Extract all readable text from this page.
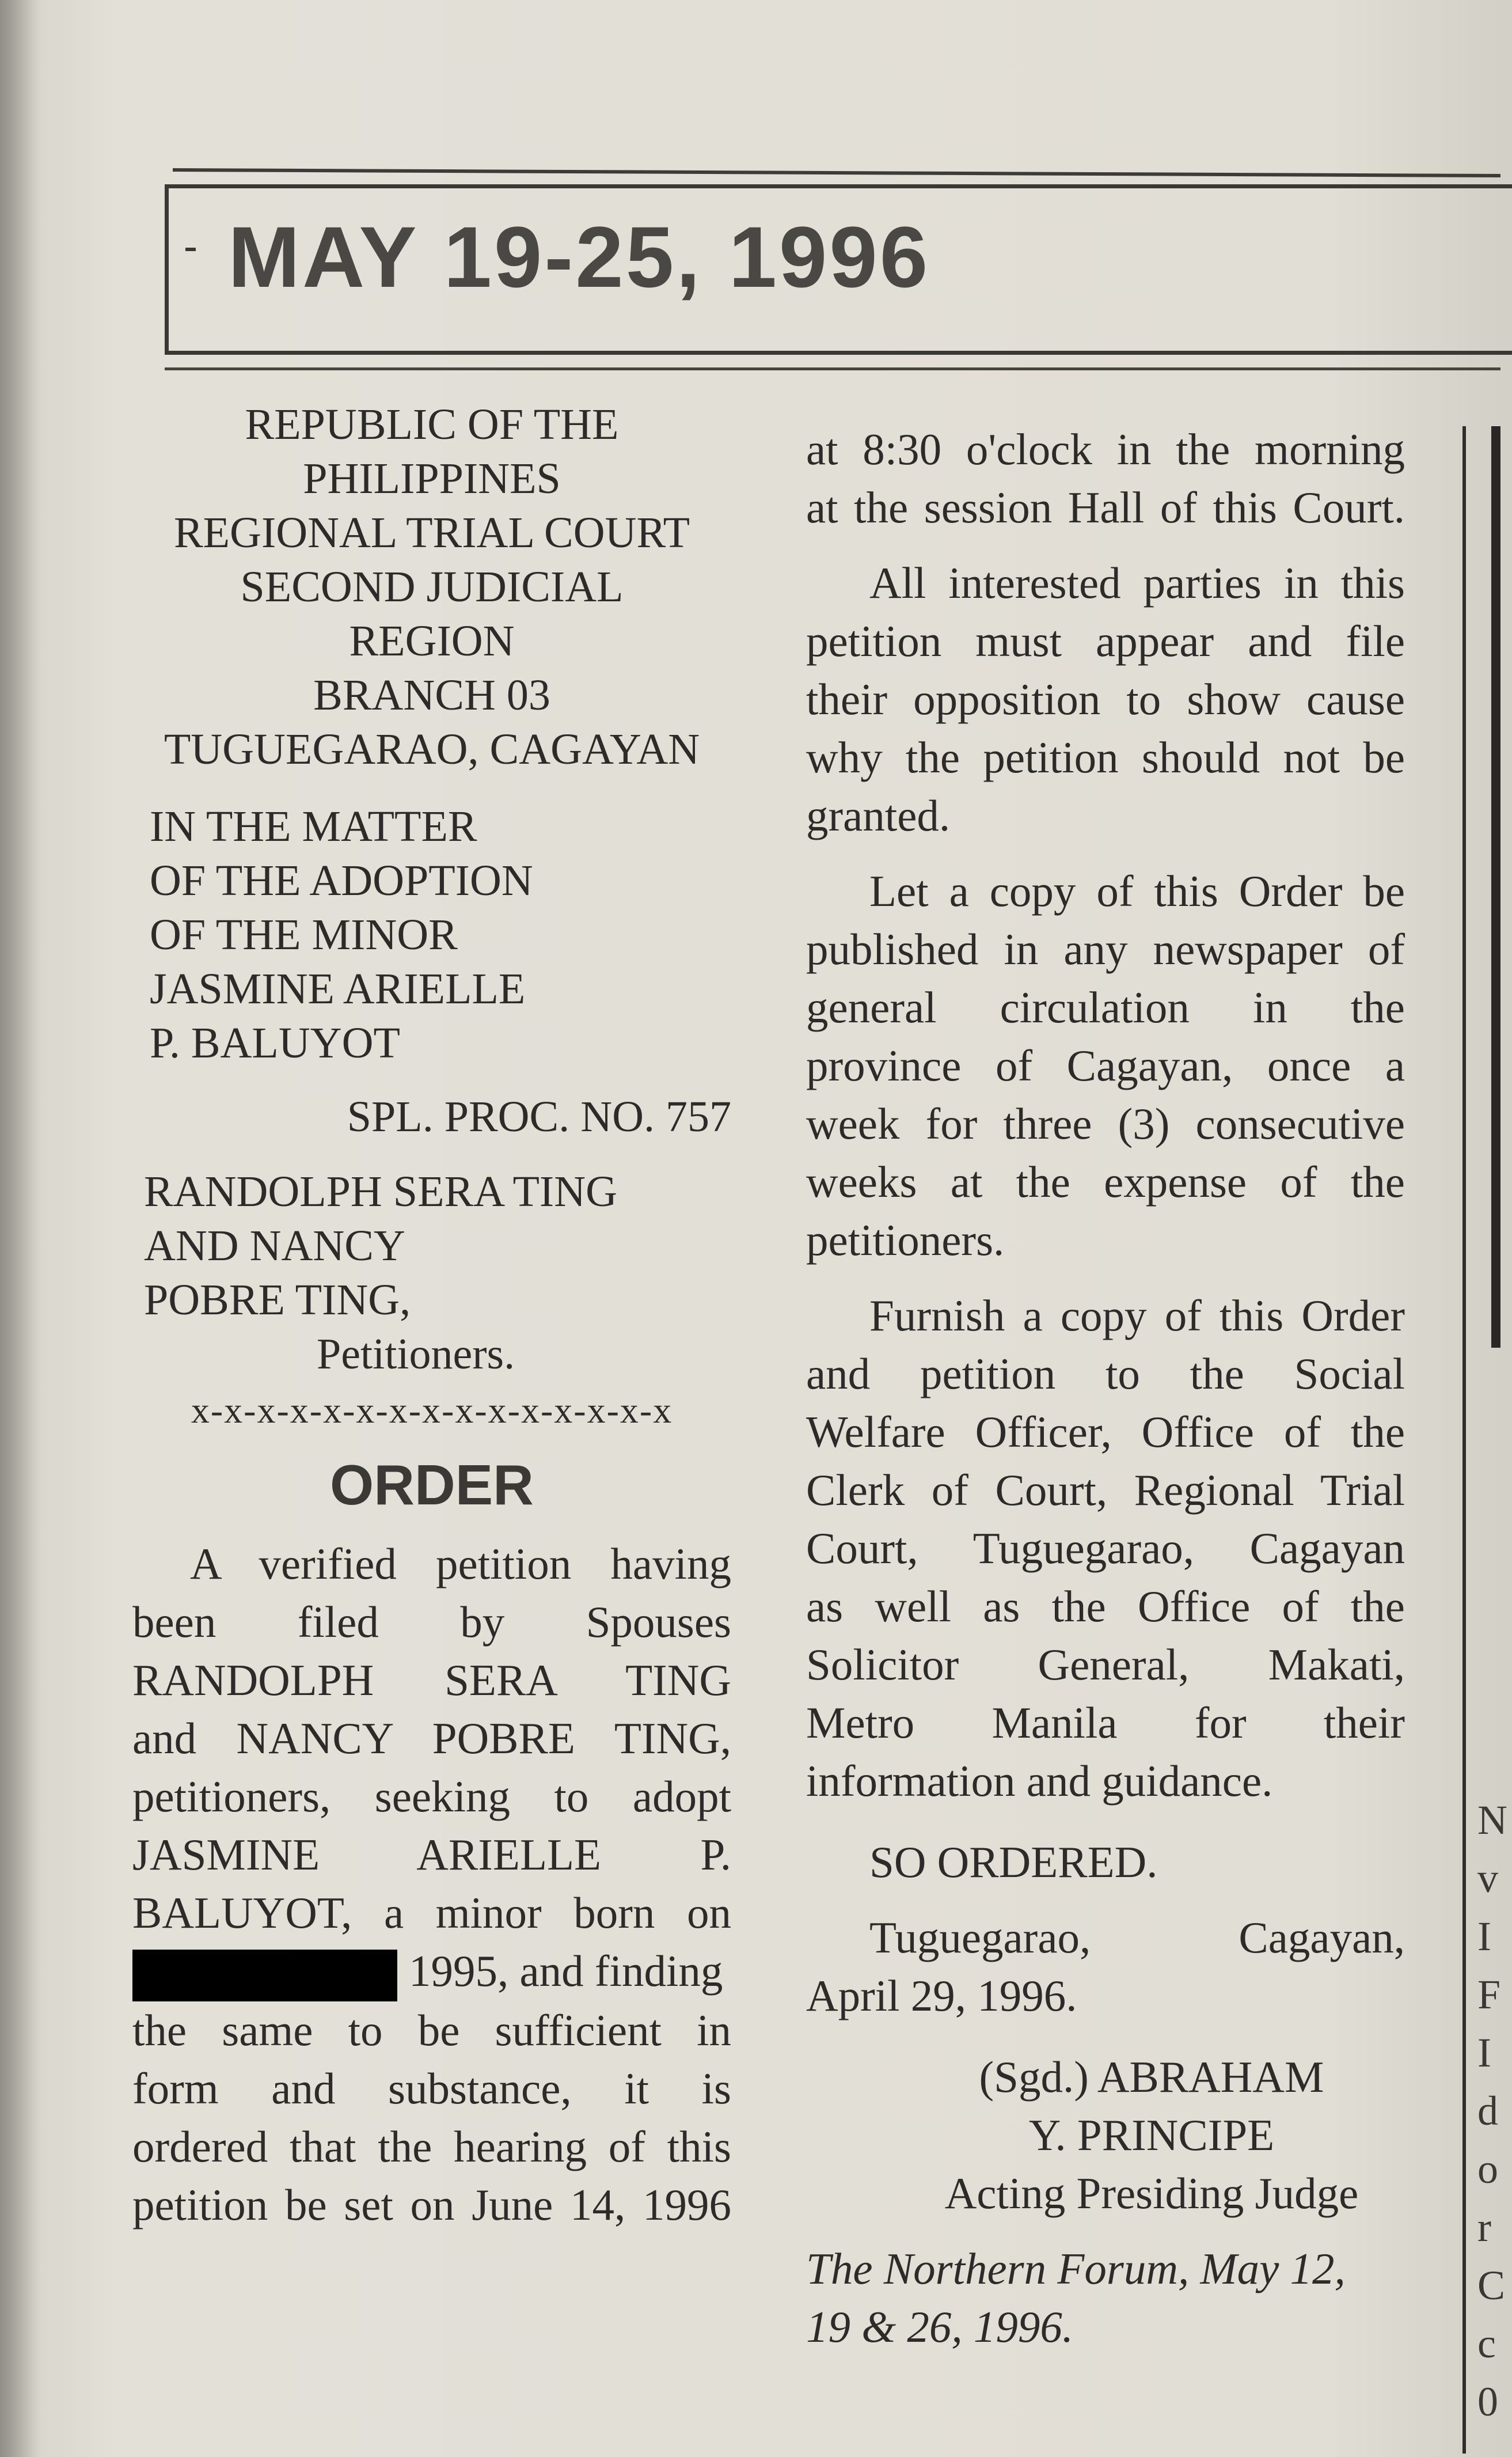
MAY 19-25, 1996
REPUBLIC OF THE
PHILIPPINES
REGIONAL TRIAL COURT
SECOND JUDICIAL
REGION
BRANCH 03
TUGUEGARAO, CAGAYAN
IN THE MATTER
OF THE ADOPTION
OF THE MINOR
JASMINE ARIELLE
P. BALUYOT
SPL. PROC. NO. 757
RANDOLPH SERA TING
AND NANCY
POBRE TING,
Petitioners.
x-x-x-x-x-x-x-x-x-x-x-x-x-x-x
ORDER
A verified petition having
been filed by Spouses
RANDOLPH SERA TING
and NANCY POBRE TING,
petitioners, seeking to adopt
JASMINE ARIELLE P.
BALUYOT, a minor born on
1995, and finding
the same to be sufficient in
form and substance, it is
ordered that the hearing of this
petition be set on June 14, 1996
at 8:30 o'clock in the morning
at the session Hall of this Court.
All interested parties in this
petition must appear and file
their opposition to show cause
why the petition should not be
granted.
Let a copy of this Order be
published in any newspaper of
general circulation in the
province of Cagayan, once a
week for three (3) consecutive
weeks at the expense of the
petitioners.
Furnish a copy of this Order
and petition to the Social
Welfare Officer, Office of the
Clerk of Court, Regional Trial
Court, Tuguegarao, Cagayan
as well as the Office of the
Solicitor General, Makati,
Metro Manila for their
information and guidance.
SO ORDERED.
Tuguegarao, Cagayan,
April 29, 1996.
(Sgd.) ABRAHAM
Y. PRINCIPE
Acting Presiding Judge
The Northern Forum, May 12,
19 & 26, 1996.
N
v
I
F
I
d
o
r
C
c
0
